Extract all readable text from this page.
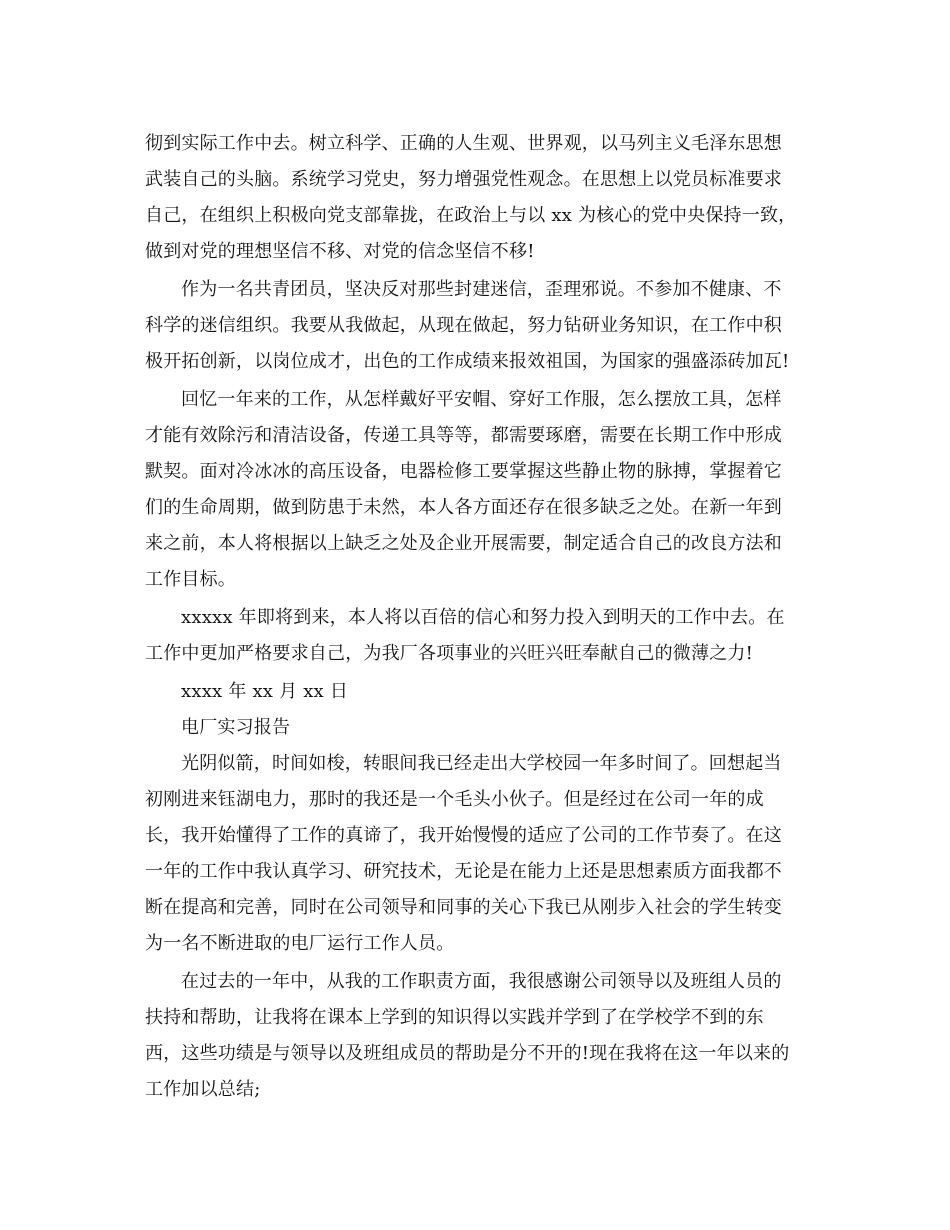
彻到实际工作中去。树立科学、正确的人生观、世界观，以马列主义毛泽东思想
武装自己的头脑。系统学习党史，努力增强党性观念。在思想上以党员标准要求
自己，在组织上积极向党支部靠拢，在政治上与以 xx 为核心的党中央保持一致，
做到对党的理想坚信不移、对党的信念坚信不移!
作为一名共青团员，坚决反对那些封建迷信，歪理邪说。不参加不健康、不
科学的迷信组织。我要从我做起，从现在做起，努力钻研业务知识，在工作中积
极开拓创新，以岗位成才，出色的工作成绩来报效祖国，为国家的强盛添砖加瓦!
回忆一年来的工作，从怎样戴好平安帽、穿好工作服，怎么摆放工具，怎样
才能有效除污和清洁设备，传递工具等等，都需要琢磨，需要在长期工作中形成
默契。面对冷冰冰的高压设备，电器检修工要掌握这些静止物的脉搏，掌握着它
们的生命周期，做到防患于未然，本人各方面还存在很多缺乏之处。在新一年到
来之前，本人将根据以上缺乏之处及企业开展需要，制定适合自己的改良方法和
工作目标。
xxxxx 年即将到来，本人将以百倍的信心和努力投入到明天的工作中去。在
工作中更加严格要求自己，为我厂各项事业的兴旺兴旺奉献自己的微薄之力!
xxxx 年 xx 月 xx 日
电厂实习报告
光阴似箭，时间如梭，转眼间我已经走出大学校园一年多时间了。回想起当
初刚进来钰湖电力，那时的我还是一个毛头小伙子。但是经过在公司一年的成
长，我开始懂得了工作的真谛了，我开始慢慢的适应了公司的工作节奏了。在这
一年的工作中我认真学习、研究技术，无论是在能力上还是思想素质方面我都不
断在提高和完善，同时在公司领导和同事的关心下我已从刚步入社会的学生转变
为一名不断进取的电厂运行工作人员。
在过去的一年中，从我的工作职责方面，我很感谢公司领导以及班组人员的
扶持和帮助，让我将在课本上学到的知识得以实践并学到了在学校学不到的东
西，这些功绩是与领导以及班组成员的帮助是分不开的!现在我将在这一年以来的
工作加以总结;
